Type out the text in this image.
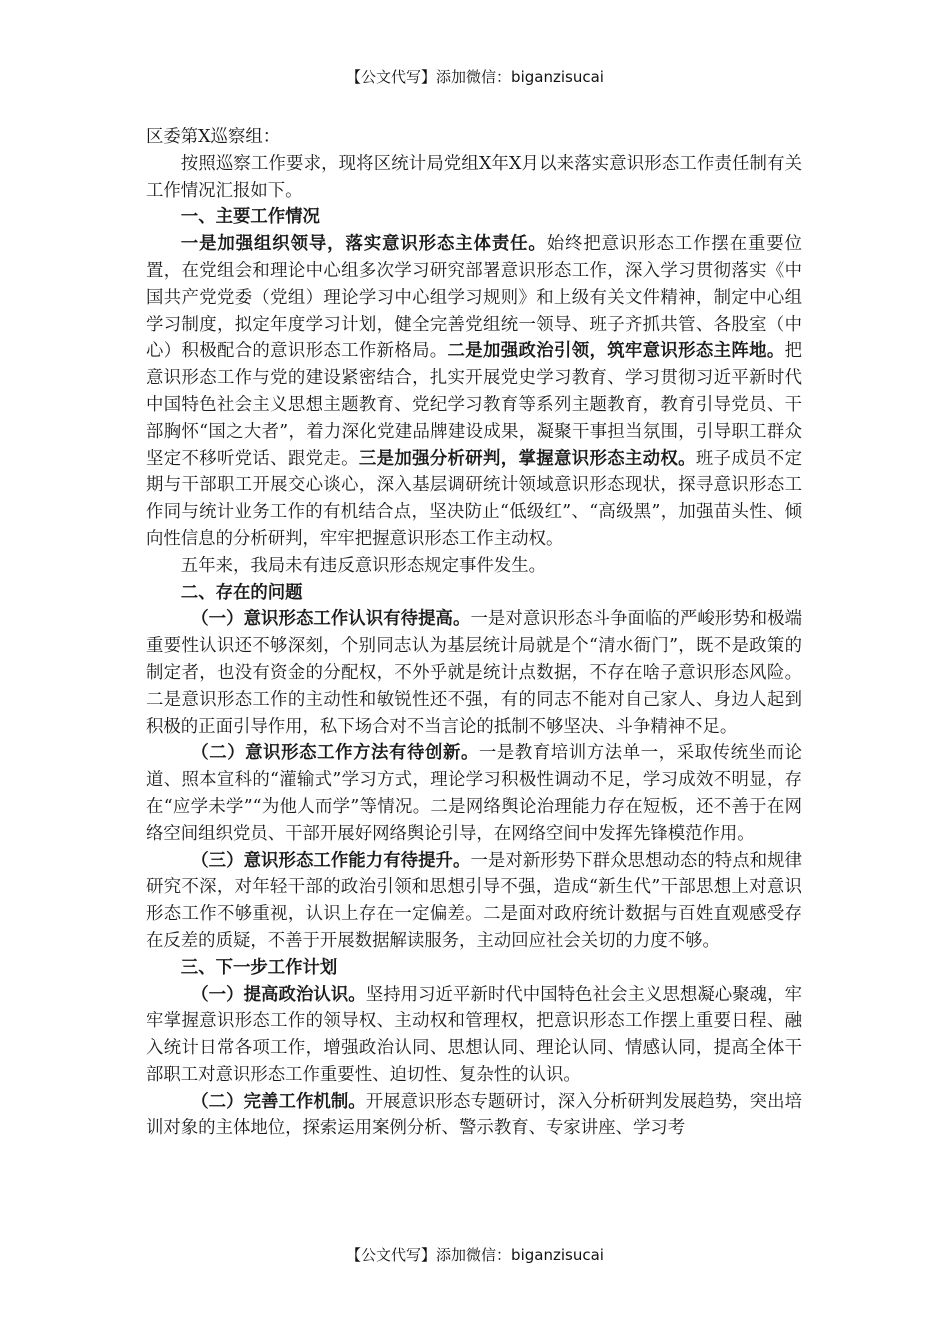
【公文代写】添加微信：biganzisucai

区委第X巡察组：

按照巡察工作要求，现将区统计局党组X年X月以来落实意识形态工作责任制有关工作情况汇报如下。

一、主要工作情况

一是加强组织领导，落实意识形态主体责任。始终把意识形态工作摆在重要位置，在党组会和理论中心组多次学习研究部署意识形态工作，深入学习贯彻落实《中国共产党党委（党组）理论学习中心组学习规则》和上级有关文件精神，制定中心组学习制度，拟定年度学习计划，健全完善党组统一领导、班子齐抓共管、各股室（中心）积极配合的意识形态工作新格局。二是加强政治引领，筑牢意识形态主阵地。把意识形态工作与党的建设紧密结合，扎实开展党史学习教育、学习贯彻习近平新时代中国特色社会主义思想主题教育、党纪学习教育等系列主题教育，教育引导党员、干部胸怀“国之大者”，着力深化党建品牌建设成果，凝聚干事担当氛围，引导职工群众坚定不移听党话、跟党走。三是加强分析研判，掌握意识形态主动权。班子成员不定期与干部职工开展交心谈心，深入基层调研统计领域意识形态现状，探寻意识形态工作同与统计业务工作的有机结合点，坚决防止“低级红”、“高级黑”，加强苗头性、倾向性信息的分析研判，牢牢把握意识形态工作主动权。

五年来，我局未有违反意识形态规定事件发生。

二、存在的问题

（一）意识形态工作认识有待提高。一是对意识形态斗争面临的严峻形势和极端重要性认识还不够深刻，个别同志认为基层统计局就是个“清水衙门”，既不是政策的制定者，也没有资金的分配权，不外乎就是统计点数据，不存在啥子意识形态风险。二是意识形态工作的主动性和敏锐性还不强，有的同志不能对自己家人、身边人起到积极的正面引导作用，私下场合对不当言论的抵制不够坚决、斗争精神不足。

（二）意识形态工作方法有待创新。一是教育培训方法单一，采取传统坐而论道、照本宣科的“灌输式”学习方式，理论学习积极性调动不足，学习成效不明显，存在“应学未学”“为他人而学”等情况。二是网络舆论治理能力存在短板，还不善于在网络空间组织党员、干部开展好网络舆论引导，在网络空间中发挥先锋模范作用。

（三）意识形态工作能力有待提升。一是对新形势下群众思想动态的特点和规律研究不深，对年轻干部的政治引领和思想引导不强，造成“新生代”干部思想上对意识形态工作不够重视，认识上存在一定偏差。二是面对政府统计数据与百姓直观感受存在反差的质疑，不善于开展数据解读服务，主动回应社会关切的力度不够。

三、下一步工作计划

（一）提高政治认识。坚持用习近平新时代中国特色社会主义思想凝心聚魂，牢牢掌握意识形态工作的领导权、主动权和管理权，把意识形态工作摆上重要日程、融入统计日常各项工作，增强政治认同、思想认同、理论认同、情感认同，提高全体干部职工对意识形态工作重要性、迫切性、复杂性的认识。

（二）完善工作机制。开展意识形态专题研讨，深入分析研判发展趋势，突出培训对象的主体地位，探索运用案例分析、警示教育、专家讲座、学习考

【公文代写】添加微信：biganzisucai
